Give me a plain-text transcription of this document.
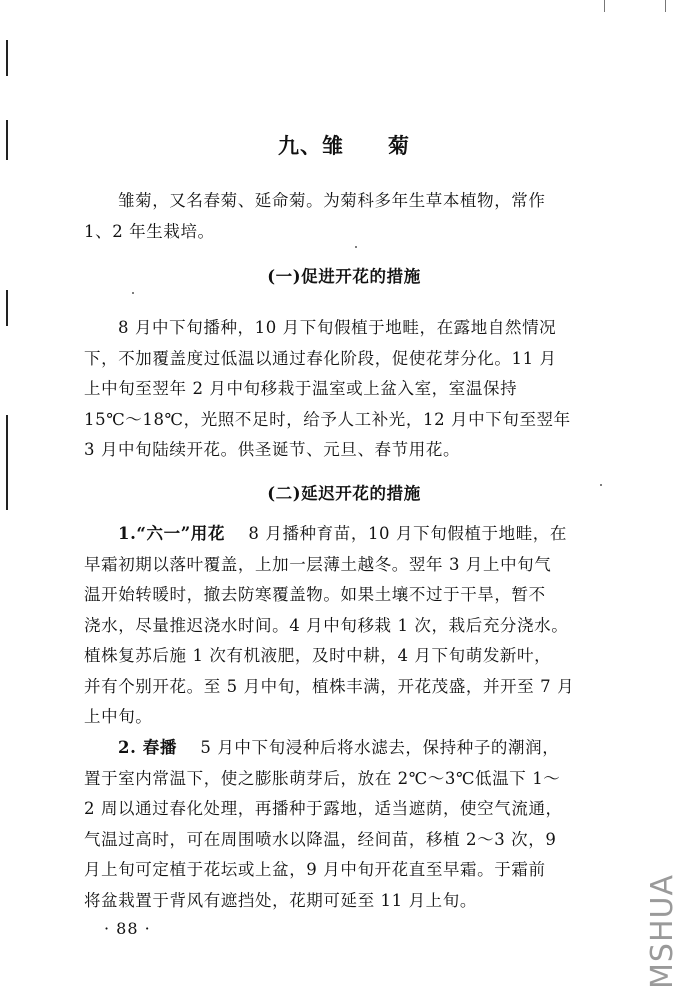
九、雏 菊
雏菊，又名春菊、延命菊。为菊科多年生草本植物，常作
1、2 年生栽培。
(一)促进开花的措施
8 月中下旬播种，10 月下旬假植于地畦，在露地自然情况
下，不加覆盖度过低温以通过春化阶段，促使花芽分化。11 月
上中旬至翌年 2 月中旬移栽于温室或上盆入室，室温保持
15℃～18℃，光照不足时，给予人工补光，12 月中下旬至翌年
3 月中旬陆续开花。供圣诞节、元旦、春节用花。
(二)延迟开花的措施
1.“六一”用花 8 月播种育苗，10 月下旬假植于地畦，在
早霜初期以落叶覆盖，上加一层薄土越冬。翌年 3 月上中旬气
温开始转暖时，撤去防寒覆盖物。如果土壤不过于干旱，暂不
浇水，尽量推迟浇水时间。4 月中旬移栽 1 次，栽后充分浇水。
植株复苏后施 1 次有机液肥，及时中耕，4 月下旬萌发新叶，
并有个别开花。至 5 月中旬，植株丰满，开花茂盛，并开至 7 月
上中旬。
2. 春播 5 月中下旬浸种后将水滤去，保持种子的潮润，
置于室内常温下，使之膨胀萌芽后，放在 2℃～3℃低温下 1～
2 周以通过春化处理，再播种于露地，适当遮荫，使空气流通，
气温过高时，可在周围喷水以降温，经间苗，移植 2～3 次，9
月上旬可定植于花坛或上盆，9 月中旬开花直至早霜。于霜前
将盆栽置于背风有遮挡处，花期可延至 11 月上旬。
· 88 ·	MSHUA
